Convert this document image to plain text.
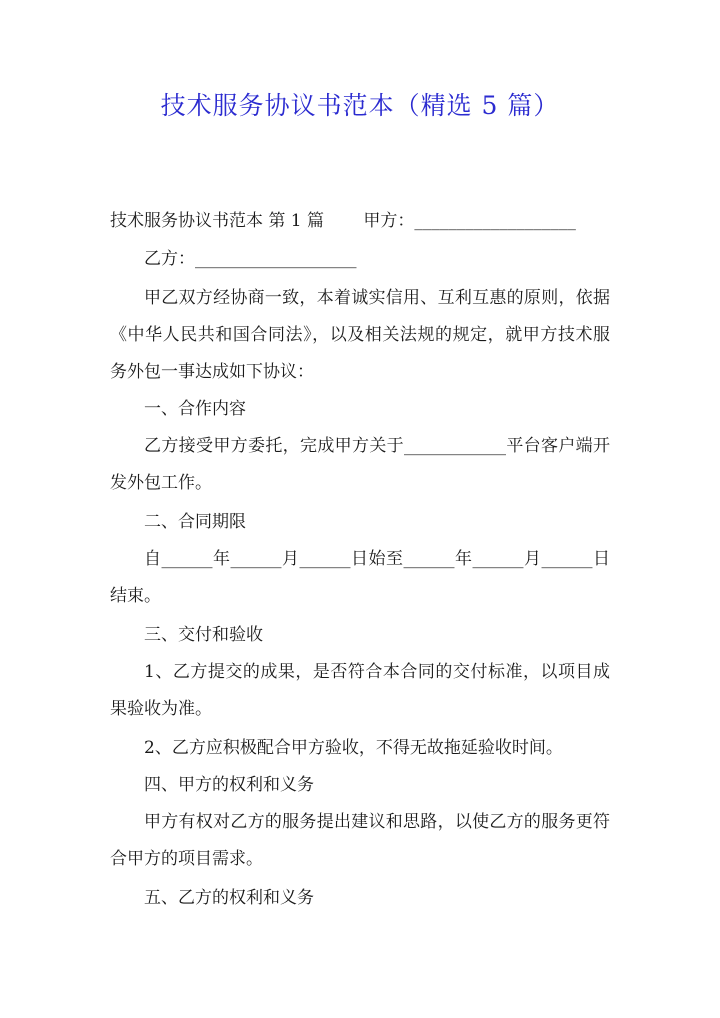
技术服务协议书范本（精选 5 篇）
技术服务协议书范本 第 1 篇　　 甲方：___________________
乙方：___________________
甲乙双方经协商一致，本着诚实信用、互利互惠的原则，依据《中华人民共和国合同法》，以及相关法规的规定，就甲方技术服务外包一事达成如下协议：
一、合作内容
乙方接受甲方委托，完成甲方关于____________平台客户端开发外包工作。
二、合同期限
自______年______月______日始至______年______月______日结束。
三、交付和验收
1、乙方提交的成果，是否符合本合同的交付标准，以项目成果验收为准。
2、乙方应积极配合甲方验收，不得无故拖延验收时间。
四、甲方的权利和义务
甲方有权对乙方的服务提出建议和思路，以使乙方的服务更符合甲方的项目需求。
五、乙方的权利和义务
